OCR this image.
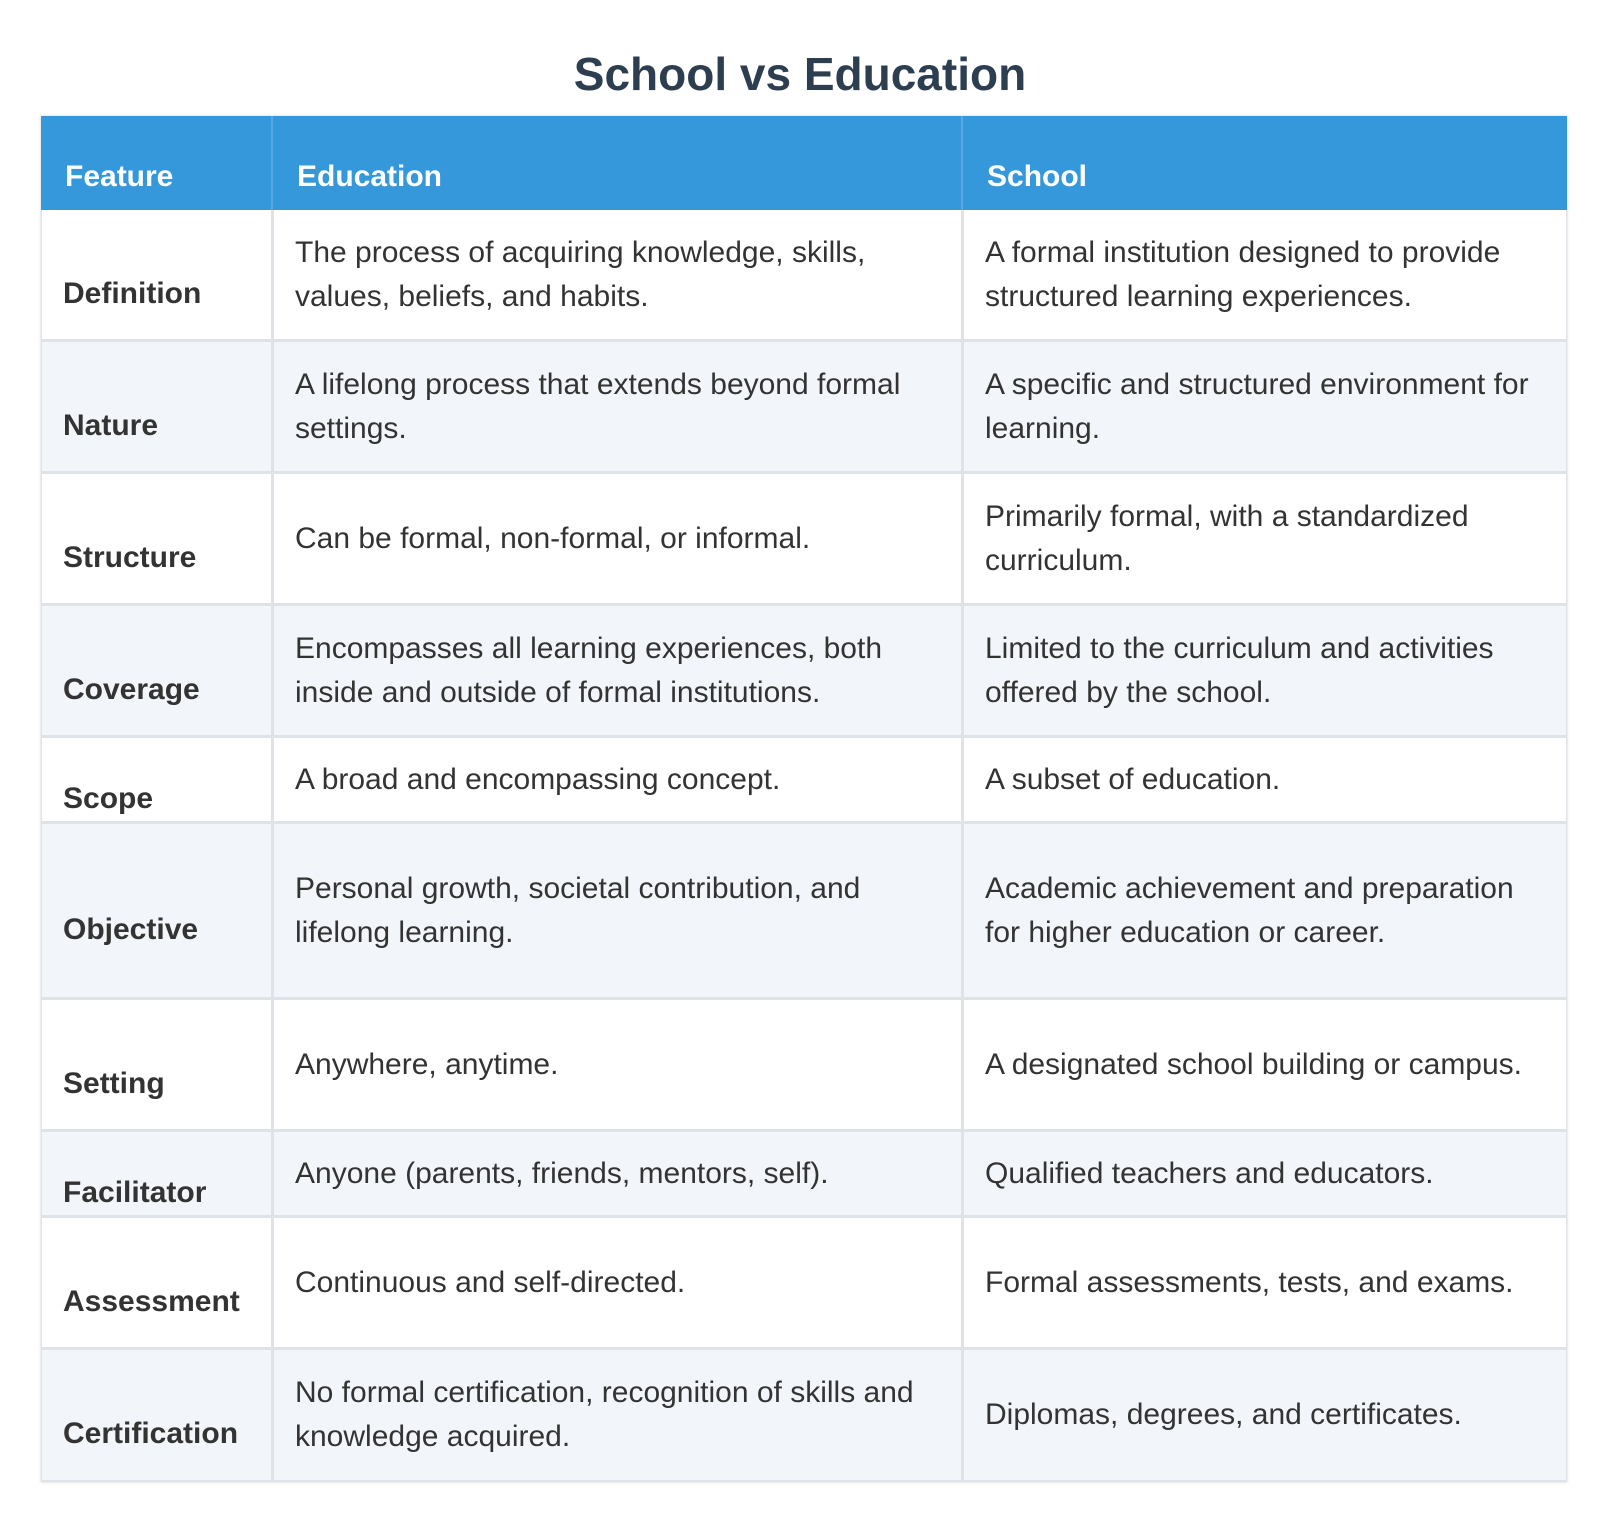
School vs Education
Feature	Education	School
Definition	The process of acquiring knowledge, skills, values, beliefs, and habits.	A formal institution designed to provide structured learning experiences.
Nature	A lifelong process that extends beyond formal settings.	A specific and structured environment for learning.
Structure	Can be formal, non-formal, or informal.	Primarily formal, with a standardized curriculum.
Coverage	Encompasses all learning experiences, both inside and outside of formal institutions.	Limited to the curriculum and activities offered by the school.
Scope	A broad and encompassing concept.	A subset of education.
Objective	Personal growth, societal contribution, and lifelong learning.	Academic achievement and preparation for higher education or career.
Setting	Anywhere, anytime.	A designated school building or campus.
Facilitator	Anyone (parents, friends, mentors, self).	Qualified teachers and educators.
Assessment	Continuous and self-directed.	Formal assessments, tests, and exams.
Certification	No formal certification, recognition of skills and knowledge acquired.	Diplomas, degrees, and certificates.
